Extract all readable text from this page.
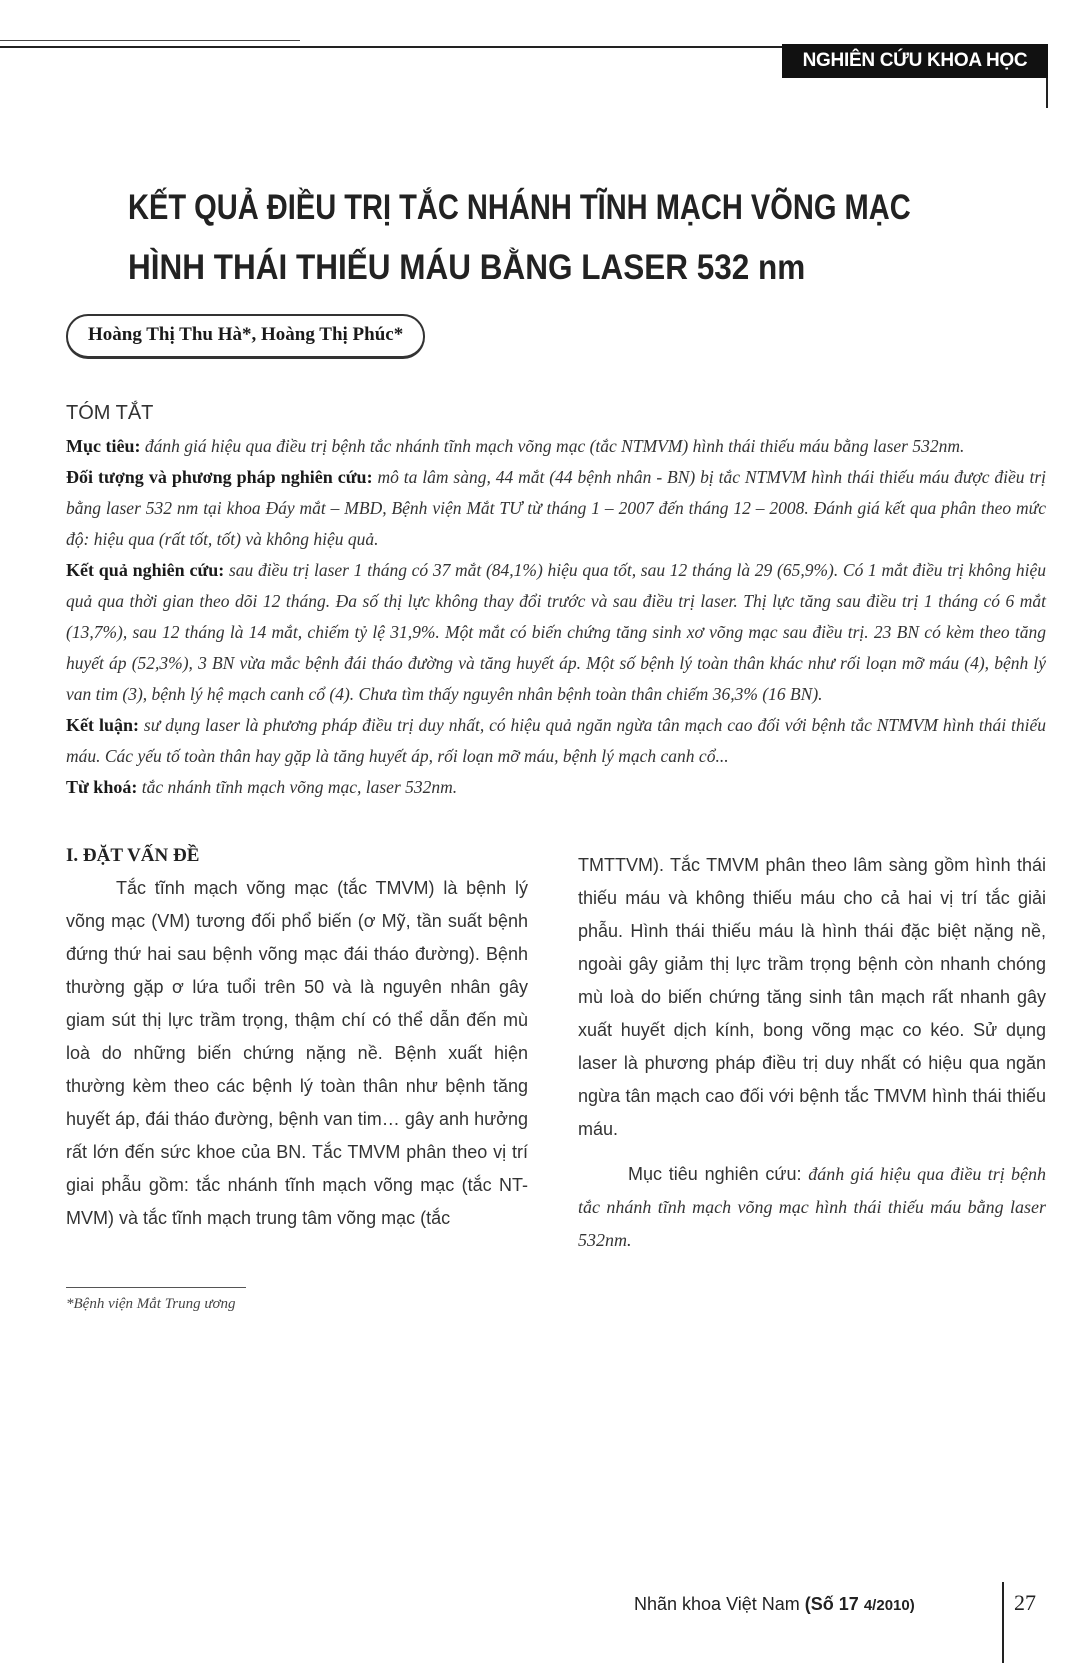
NGHIÊN CỨU KHOA HỌC
KẾT QUẢ ĐIỀU TRỊ TẮC NHÁNH TĨNH MẠCH VÕNG MẠC
HÌNH THÁI THIẾU MÁU BẰNG LASER 532 nm
Hoàng Thị Thu Hà*, Hoàng Thị Phúc*
TÓM TẮT

Mục tiêu: đánh giá hiệu qua điều trị bệnh tắc nhánh tĩnh mạch võng mạc (tắc NTMVM) hình thái thiếu máu bằng laser 532nm.

Đối tượng và phương pháp nghiên cứu: mô ta lâm sàng, 44 mắt (44 bệnh nhân - BN) bị tắc NTMVM hình thái thiếu máu được điều trị bằng laser 532 nm tại khoa Đáy mắt – MBD, Bệnh viện Mắt TƯ từ tháng 1 – 2007 đến tháng 12 – 2008. Đánh giá kết qua phân theo mức độ: hiệu qua (rất tốt, tốt) và không hiệu quả.

Kết quả nghiên cứu: sau điều trị laser 1 tháng có 37 mắt (84,1%) hiệu qua tốt, sau 12 tháng là 29 (65,9%). Có 1 mắt điều trị không hiệu quả qua thời gian theo dõi 12 tháng. Đa số thị lực không thay đổi trước và sau điều trị laser. Thị lực tăng sau điều trị 1 tháng có 6 mắt (13,7%), sau 12 tháng là 14 mắt, chiếm tỷ lệ 31,9%. Một mắt có biến chứng tăng sinh xơ võng mạc sau điều trị. 23 BN có kèm theo tăng huyết áp (52,3%), 3 BN vừa mắc bệnh đái tháo đường và tăng huyết áp. Một số bệnh lý toàn thân khác như rối loạn mỡ máu (4), bệnh lý van tim (3), bệnh lý hệ mạch canh cổ (4). Chưa tìm thấy nguyên nhân bệnh toàn thân chiếm 36,3% (16 BN).

Kết luận: sư dụng laser là phương pháp điều trị duy nhất, có hiệu quả ngăn ngừa tân mạch cao đối với bệnh tắc NTMVM hình thái thiếu máu. Các yếu tố toàn thân hay gặp là tăng huyết áp, rối loạn mỡ máu, bệnh lý mạch canh cổ...

Từ khoá: tắc nhánh tĩnh mạch võng mạc, laser 532nm.

I. ĐẶT VẤN ĐỀ

Tắc tĩnh mạch võng mạc (tắc TMVM) là bệnh lý võng mạc (VM) tương đối phổ biến (ơ Mỹ, tần suất bệnh đứng thứ hai sau bệnh võng mạc đái tháo đường). Bệnh thường gặp ơ lứa tuổi trên 50 và là nguyên nhân gây giam sút thị lực trầm trọng, thậm chí có thể dẫn đến mù loà do những biến chứng nặng nề. Bệnh xuất hiện thường kèm theo các bệnh lý toàn thân như bệnh tăng huyết áp, đái tháo đường, bệnh van tim… gây anh hưởng rất lớn đến sức khoe của BN. Tắc TMVM phân theo vị trí giai phẫu gồm: tắc nhánh tĩnh mạch võng mạc (tắc NT-MVM) và tắc tĩnh mạch trung tâm võng mạc (tắc

TMTTVM). Tắc TMVM phân theo lâm sàng gồm hình thái thiếu máu và không thiếu máu cho cả hai vị trí tắc giải phẫu. Hình thái thiếu máu là hình thái đặc biệt nặng nề, ngoài gây giảm thị lực trầm trọng bệnh còn nhanh chóng mù loà do biến chứng tăng sinh tân mạch rất nhanh gây xuất huyết dịch kính, bong võng mạc co kéo. Sử dụng laser là phương pháp điều trị duy nhất có hiệu qua ngăn ngừa tân mạch cao đối với bệnh tắc TMVM hình thái thiếu máu.

Mục tiêu nghiên cứu: đánh giá hiệu qua điều trị bệnh tắc nhánh tĩnh mạch võng mạc hình thái thiếu máu bằng laser 532nm.

*Bệnh viện Mắt Trung ương
Nhãn khoa Việt Nam (Số 17 4/2010)	27
